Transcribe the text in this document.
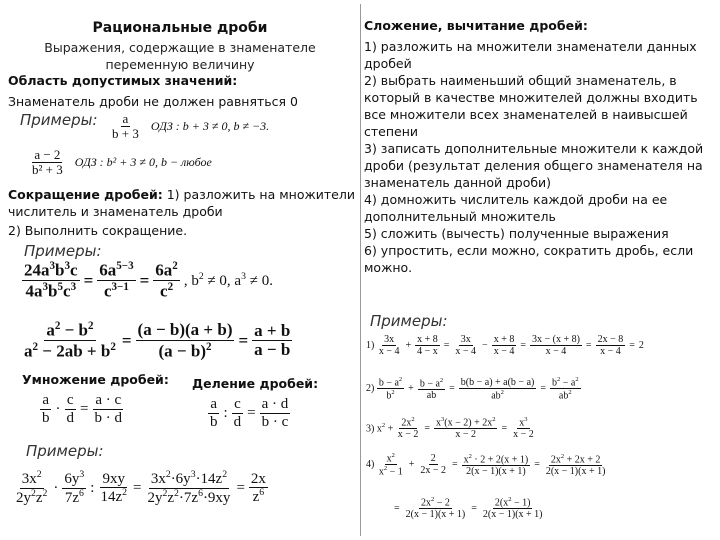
Рациональные дроби
Выражения, содержащие в знаменателе переменную величину
Область допустимых значений:
Знаменатель дроби не должен равняться 0
Примеры: $\frac{a}{b + 3}$ ОДЗ : b + 3 ≠ 0, b ≠ −3.
$\frac{a - 2}{\text{b² + 3}}$ ОДЗ : b² + 3 ≠ 0, b − любое
Сокращение дробей: 1) разложить на множители числитель и знаменатель дроби
2) Выполнить сокращение.
Примеры:
$\frac{24a^3b^3c}{4a^3b^5c^3} = \frac{6a^{5-3}}{c^{3-1}} = \frac{6a^2}{c^2}$ , $b^2 \ne 0$, $a^3 \ne 0$.
$\frac{a^2 - b^2}{a^2 - 2ab + b^2} = \frac{(a - b)(a + b)}{(a - b)^2} = \frac{a + b}{a - b}$
Умножение дробей: Деление дробей:
$\frac{a}{b} \cdot \frac{c}{d} = \frac{a \cdot c}{b \cdot d}$	$\frac{a}{b}$ : $\frac{c}{d} = \frac{a \cdot d}{b \cdot c}$
Примеры:
$\frac{3x^2}{2y^2z^2} \cdot \frac{6y^3}{7z^6}$ : $\frac{9xy}{14z^2} = \frac{3x^2\cdot 6y^3\cdot 14z^2}{2y^2z^2\cdot 7z^6\cdot 9xy} = \frac{2x}{z^6}$
Сложение, вычитание дробей:
1) разложить на множители знаменатели данных дробей
2) выбрать наименьший общий знаменатель, в который в качестве множителей должны входить все множители всех знаменателей в наивысшей степени
3) записать дополнительные множители к каждой дроби (результат деления общего знаменателя на знаменатель данной дроби)
4) домножить числитель каждой дроби на ее дополнительный множитель
5) сложить (вычесть) полученные выражения
6) упростить, если можно, сократить дробь, если можно.
Примеры:
$1) \frac{3x}{x - 4} + \frac{x + 8}{4 - x} = \frac{3x}{x - 4} - \frac{x + 8}{x - 4} = \frac{3x - (x + 8)}{x - 4} = \frac{2x - 8}{x - 4} = 2$
$2) \frac{b - a^2}{b^2} + \frac{b - a^2}{ab} = \frac{b(b - a) + a(b - a)}{ab^2} = \frac{b^2 - a^2}{ab^2}$
3) $x^2 + \frac{2x^2}{x - 2} = \frac{x^3(x - 2) + 2x^2}{x - 2} = \frac{x^3}{x - 2}$
$4) \frac{x^2}{x^2 - 1} + \frac{2}{2x - 2} = \frac{x^2 \cdot 2 + 2(x + 1)}{2(x - 1)(x + 1)} = \frac{2x^2 + 2x + 2}{2(x - 1)(x + 1)}$
= $\frac{2x^2 - 2}{2(x - 1)(x + 1)} = \frac{2(x^2 - 1)}{2(x - 1)(x + 1)}$
